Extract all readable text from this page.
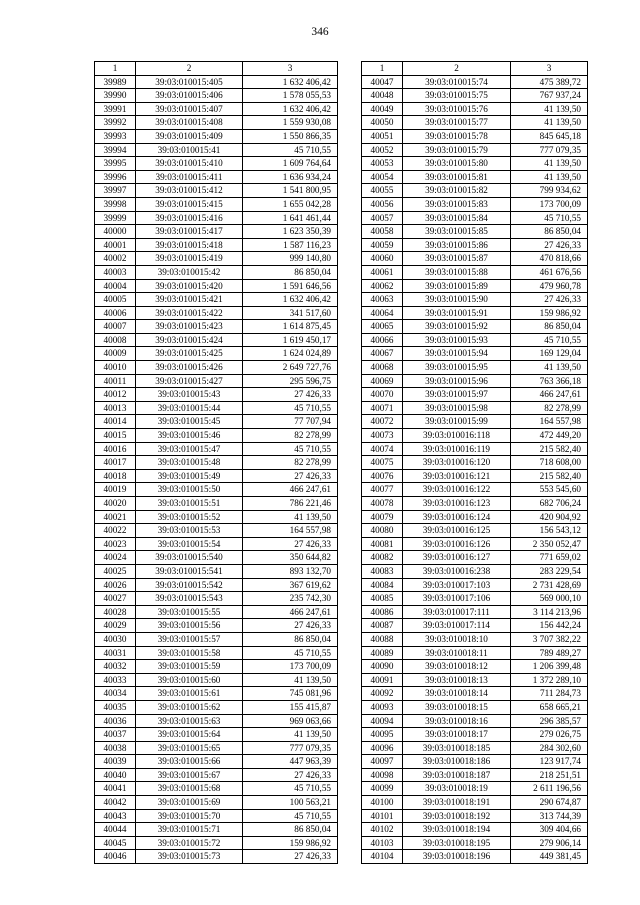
346
1	2	3
39989	39:03:010015:405	1 632 406,42
39990	39:03:010015:406	1 578 055,53
39991	39:03:010015:407	1 632 406,42
39992	39:03:010015:408	1 559 930,08
39993	39:03:010015:409	1 550 866,35
39994	39:03:010015:41	45 710,55
39995	39:03:010015:410	1 609 764,64
39996	39:03:010015:411	1 636 934,24
39997	39:03:010015:412	1 541 800,95
39998	39:03:010015:415	1 655 042,28
39999	39:03:010015:416	1 641 461,44
40000	39:03:010015:417	1 623 350,39
40001	39:03:010015:418	1 587 116,23
40002	39:03:010015:419	999 140,80
40003	39:03:010015:42	86 850,04
40004	39:03:010015:420	1 591 646,56
40005	39:03:010015:421	1 632 406,42
40006	39:03:010015:422	341 517,60
40007	39:03:010015:423	1 614 875,45
40008	39:03:010015:424	1 619 450,17
40009	39:03:010015:425	1 624 024,89
40010	39:03:010015:426	2 649 727,76
40011	39:03:010015:427	295 596,75
40012	39:03:010015:43	27 426,33
40013	39:03:010015:44	45 710,55
40014	39:03:010015:45	77 707,94
40015	39:03:010015:46	82 278,99
40016	39:03:010015:47	45 710,55
40017	39:03:010015:48	82 278,99
40018	39:03:010015:49	27 426,33
40019	39:03:010015:50	466 247,61
40020	39:03:010015:51	786 221,46
40021	39:03:010015:52	41 139,50
40022	39:03:010015:53	164 557,98
40023	39:03:010015:54	27 426,33
40024	39:03:010015:540	350 644,82
40025	39:03:010015:541	893 132,70
40026	39:03:010015:542	367 619,62
40027	39:03:010015:543	235 742,30
40028	39:03:010015:55	466 247,61
40029	39:03:010015:56	27 426,33
40030	39:03:010015:57	86 850,04
40031	39:03:010015:58	45 710,55
40032	39:03:010015:59	173 700,09
40033	39:03:010015:60	41 139,50
40034	39:03:010015:61	745 081,96
40035	39:03:010015:62	155 415,87
40036	39:03:010015:63	969 063,66
40037	39:03:010015:64	41 139,50
40038	39:03:010015:65	777 079,35
40039	39:03:010015:66	447 963,39
40040	39:03:010015:67	27 426,33
40041	39:03:010015:68	45 710,55
40042	39:03:010015:69	100 563,21
40043	39:03:010015:70	45 710,55
40044	39:03:010015:71	86 850,04
40045	39:03:010015:72	159 986,92
40046	39:03:010015:73	27 426,33
1	2	3
40047	39:03:010015:74	475 389,72
40048	39:03:010015:75	767 937,24
40049	39:03:010015:76	41 139,50
40050	39:03:010015:77	41 139,50
40051	39:03:010015:78	845 645,18
40052	39:03:010015:79	777 079,35
40053	39:03:010015:80	41 139,50
40054	39:03:010015:81	41 139,50
40055	39:03:010015:82	799 934,62
40056	39:03:010015:83	173 700,09
40057	39:03:010015:84	45 710,55
40058	39:03:010015:85	86 850,04
40059	39:03:010015:86	27 426,33
40060	39:03:010015:87	470 818,66
40061	39:03:010015:88	461 676,56
40062	39:03:010015:89	479 960,78
40063	39:03:010015:90	27 426,33
40064	39:03:010015:91	159 986,92
40065	39:03:010015:92	86 850,04
40066	39:03:010015:93	45 710,55
40067	39:03:010015:94	169 129,04
40068	39:03:010015:95	41 139,50
40069	39:03:010015:96	763 366,18
40070	39:03:010015:97	466 247,61
40071	39:03:010015:98	82 278,99
40072	39:03:010015:99	164 557,98
40073	39:03:010016:118	472 449,20
40074	39:03:010016:119	215 582,40
40075	39:03:010016:120	718 608,00
40076	39:03:010016:121	215 582,40
40077	39:03:010016:122	553 545,60
40078	39:03:010016:123	682 706,24
40079	39:03:010016:124	420 904,92
40080	39:03:010016:125	156 543,12
40081	39:03:010016:126	2 350 052,47
40082	39:03:010016:127	771 659,02
40083	39:03:010016:238	283 229,54
40084	39:03:010017:103	2 731 428,69
40085	39:03:010017:106	569 000,10
40086	39:03:010017:111	3 114 213,96
40087	39:03:010017:114	156 442,24
40088	39:03:010018:10	3 707 382,22
40089	39:03:010018:11	789 489,27
40090	39:03:010018:12	1 206 399,48
40091	39:03:010018:13	1 372 289,10
40092	39:03:010018:14	711 284,73
40093	39:03:010018:15	658 665,21
40094	39:03:010018:16	296 385,57
40095	39:03:010018:17	279 026,75
40096	39:03:010018:185	284 302,60
40097	39:03:010018:186	123 917,74
40098	39:03:010018:187	218 251,51
40099	39:03:010018:19	2 611 196,56
40100	39:03:010018:191	290 674,87
40101	39:03:010018:192	313 744,39
40102	39:03:010018:194	309 404,66
40103	39:03:010018:195	279 906,14
40104	39:03:010018:196	449 381,45
